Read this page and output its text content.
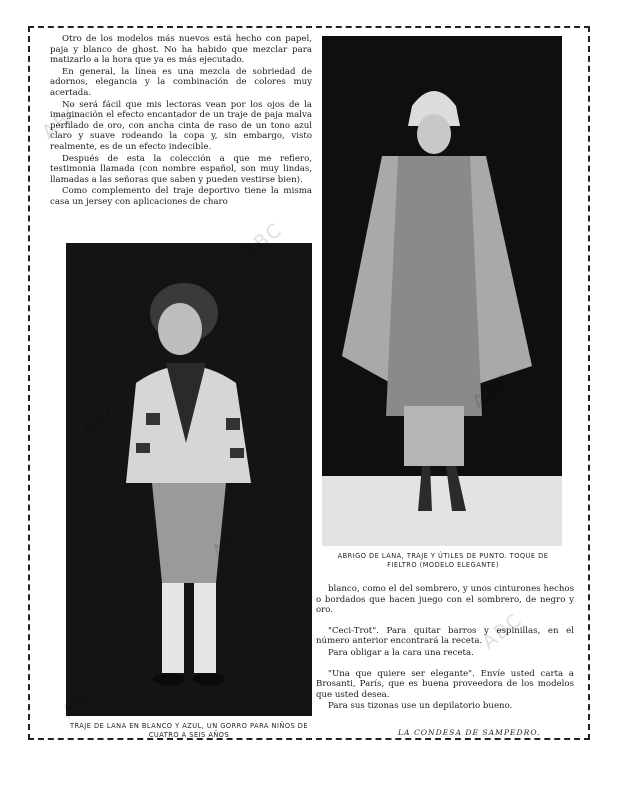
Otro de los modelos más nuevos está hecho con papel, paja y blanco de ghost. No ha habido que mezclar para matizarlo a la hora que ya es más ejecutado.

En general, la línea es una mezcla de sobriedad de adornos, elegancia y la combinación de colores muy acertada.

No será fácil que mis lectoras vean por los ojos de la imaginación el efecto encantador de un traje de paja malva perfilado de oro, con ancha cinta de raso de un tono azul claro y suave rodeando la copa y, sin embargo, visto realmente, es de un efecto indecible.

Después de esta la colección a que me refiero, testimonia llamada (con nombre español, son muy lindas, llamadas a las señoras que saben y pueden vestirse bien).

Como complemento del traje deportivo tiene la misma casa un jersey con aplicaciones de charo

ABRIGO DE LANA, TRAJE Y ÚTILES DE PUNTO. TOQUE DE FIELTRO (MODELO ELEGANTE)

blanco, como el del sombrero, y unos cinturones hechos o bordados que hacen juego con el sombrero, de negro y oro.

"Ceci-Trot". Para quitar barros y espinillas, en el número anterior encontrará la receta.

Para obligar a la cara una receta.

"Una que quiere ser elegante". Envíe usted carta a Brosanti, París, que es buena proveedora de los modelos que usted desea.

Para sus tizonas use un depilatorio bueno.

TRAJE DE LANA EN BLANCO Y AZUL, UN GORRO PARA NIÑOS DE CUATRO A SEIS AÑOS	LA CONDESA DE SAMPEDRO.
ABC
ABC
ABC
